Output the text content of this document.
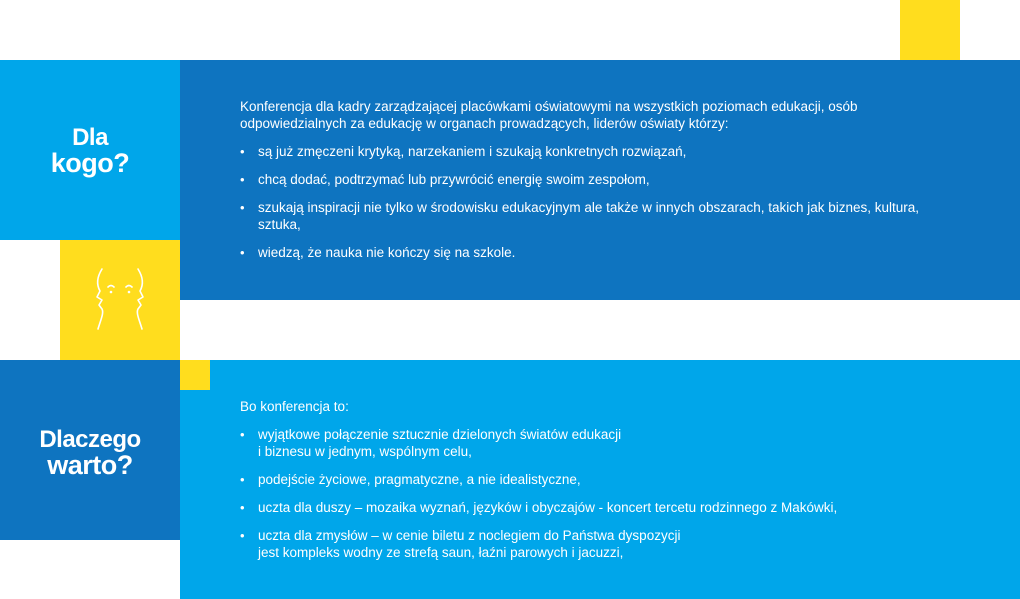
Dla
kogo?

Konferencja dla kadry zarządzającej placówkami oświatowymi na wszystkich poziomach edukacji, osób

odpowiedzialnych za edukację w organach prowadzących, liderów oświaty którzy:

• są już zmęczeni krytyką, narzekaniem i szukają konkretnych rozwiązań,
• chcą dodać, podtrzymać lub przywrócić energię swoim zespołom,
• szukają inspiracji nie tylko w środowisku edukacyjnym ale także w innych obszarach, takich jak biznes, kultura,
sztuka,
• wiedzą, że nauka nie kończy się na szkole.
Dlaczego
warto?

Bo konferencja to:

• wyjątkowe połączenie sztucznie dzielonych światów edukacji
i biznesu w jednym, wspólnym celu,
• podejście życiowe, pragmatyczne, a nie idealistyczne,
• uczta dla duszy – mozaika wyznań, języków i obyczajów - koncert tercetu rodzinnego z Makówki,
• uczta dla zmysłów – w cenie biletu z noclegiem do Państwa dyspozycji
jest kompleks wodny ze strefą saun, łaźni parowych i jacuzzi,
